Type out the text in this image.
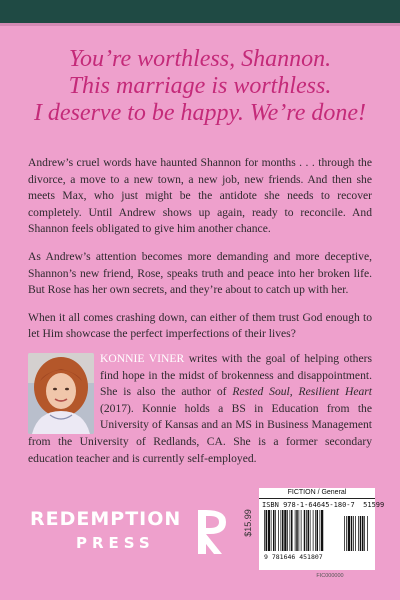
You’re worthless, Shannon.
This marriage is worthless.
I deserve to be happy. We’re done!

Andrew’s cruel words have haunted Shannon for months . . . through the divorce, a move to a new town, a new job, new friends. And then she meets Max, who just might be the antidote she needs to recover completely. Until Andrew shows up again, ready to reconcile. And Shannon feels obligated to give him another chance.

As Andrew’s attention becomes more demanding and more deceptive, Shannon’s new friend, Rose, speaks truth and peace into her broken life. But Rose has her own secrets, and they’re about to catch up with her.

When it all comes crashing down, can either of them trust God enough to let Him showcase the perfect imperfections of their lives?

KONNIE VINER writes with the goal of helping others find hope in the midst of brokenness and disappointment. She is also the author of Rested Soul, Resilient Heart (2017). Konnie holds a BS in Education from the University of Kansas and an MS in Business Management from the University of Redlands, CA. She is a former secondary education teacher and is currently self-employed.
REDEMPTION
PRESS
$15.99
FICTION / General
ISBN 978-1-64645-180-7 51599
9 781646 451807
FIC000000
